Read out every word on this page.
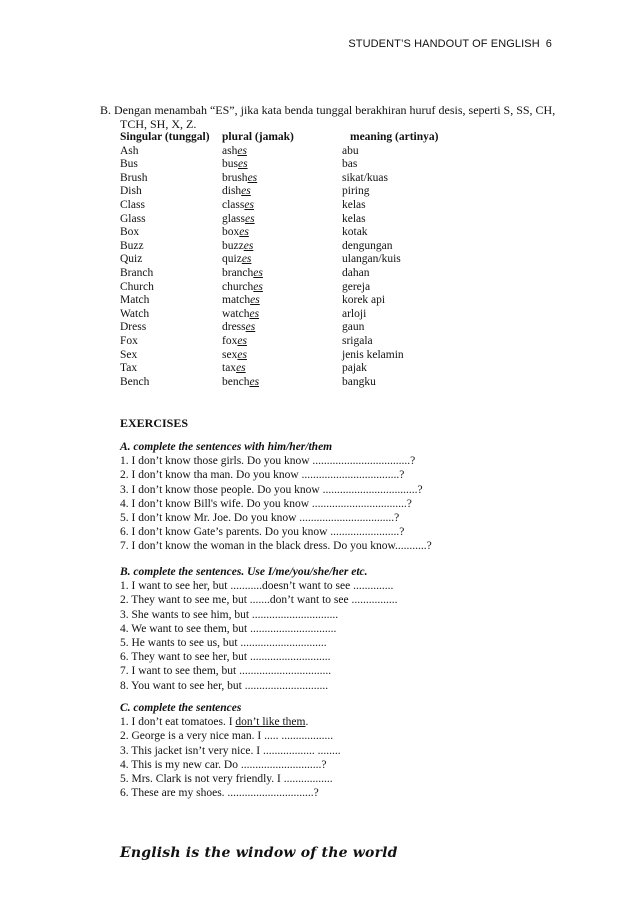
STUDENT’S HANDOUT OF ENGLISH 6
B. Dengan menambah “ES”, jika kata benda tunggal berakhiran huruf desis, seperti S, SS, CH,
TCH, SH, X, Z.
Singular (tunggal)	plural (jamak)	meaning (artinya)
Ash	ashes	abu
Bus	buses	bas
Brush	brushes	sikat/kuas
Dish	dishes	piring
Class	classes	kelas
Glass	glasses	kelas
Box	boxes	kotak
Buzz	buzzes	dengungan
Quiz	quizes	ulangan/kuis
Branch	branches	dahan
Church	churches	gereja
Match	matches	korek api
Watch	watches	arloji
Dress	dresses	gaun
Fox	foxes	srigala
Sex	sexes	jenis kelamin
Tax	taxes	pajak
Bench	benches	bangku
EXERCISES
A. complete the sentences with him/her/them
1. I don’t know those girls. Do you know ..................................?
2. I don’t know tha man. Do you know ..................................?
3. I don’t know those people. Do you know .................................?
4. I don’t know Bill's wife. Do you know .................................?
5. I don’t know Mr. Joe. Do you know .................................?
6. I don’t know Gate’s parents. Do you know ........................?
7. I don’t know the woman in the black dress. Do you know...........?
B. complete the sentences. Use I/me/you/she/her etc.
1. I want to see her, but ...........doesn’t want to see ..............
2. They want to see me, but .......don’t want to see ................
3. She wants to see him, but ..............................
4. We want to see them, but ..............................
5. He wants to see us, but ..............................
6. They want to see her, but ............................
7. I want to see them, but ................................
8. You want to see her, but .............................
C. complete the sentences
1. I don’t eat tomatoes. I don’t like them.
2. George is a very nice man. I ..... ..................
3. This jacket isn’t very nice. I .................. ........
4. This is my new car. Do ............................?
5. Mrs. Clark is not very friendly. I .................
6. These are my shoes. ..............................?
English is the window of the world
